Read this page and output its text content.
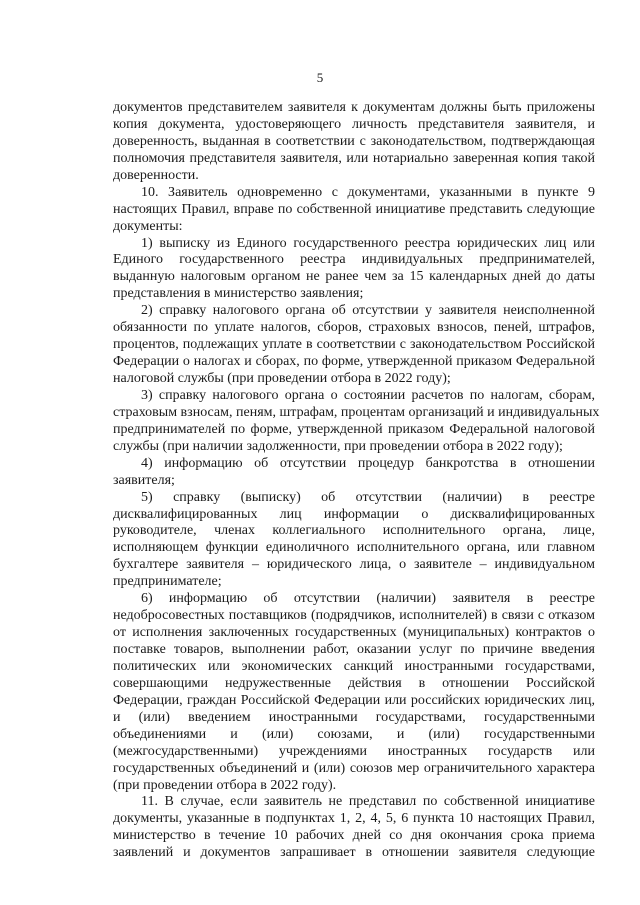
5
документов представителем заявителя к документам должны быть приложены
копия документа, удостоверяющего личность представителя заявителя, и
доверенность, выданная в соответствии с законодательством, подтверждающая
полномочия представителя заявителя, или нотариально заверенная копия такой
доверенности.
10. Заявитель одновременно с документами, указанными в пункте 9
настоящих Правил, вправе по собственной инициативе представить следующие
документы:
1) выписку из Единого государственного реестра юридических лиц или
Единого государственного реестра индивидуальных предпринимателей,
выданную налоговым органом не ранее чем за 15 календарных дней до даты
представления в министерство заявления;
2) справку налогового органа об отсутствии у заявителя неисполненной
обязанности по уплате налогов, сборов, страховых взносов, пеней, штрафов,
процентов, подлежащих уплате в соответствии с законодательством Российской
Федерации о налогах и сборах, по форме, утвержденной приказом Федеральной
налоговой службы (при проведении отбора в 2022 году);
3) справку налогового органа о состоянии расчетов по налогам, сборам,
страховым взносам, пеням, штрафам, процентам организаций и индивидуальных
предпринимателей по форме, утвержденной приказом Федеральной налоговой
службы (при наличии задолженности, при проведении отбора в 2022 году);
4) информацию об отсутствии процедур банкротства в отношении
заявителя;
5) справку (выписку) об отсутствии (наличии) в реестре
дисквалифицированных лиц информации о дисквалифицированных
руководителе, членах коллегиального исполнительного органа, лице,
исполняющем функции единоличного исполнительного органа, или главном
бухгалтере заявителя – юридического лица, о заявителе – индивидуальном
предпринимателе;
6) информацию об отсутствии (наличии) заявителя в реестре
недобросовестных поставщиков (подрядчиков, исполнителей) в связи с отказом
от исполнения заключенных государственных (муниципальных) контрактов о
поставке товаров, выполнении работ, оказании услуг по причине введения
политических или экономических санкций иностранными государствами,
совершающими недружественные действия в отношении Российской
Федерации, граждан Российской Федерации или российских юридических лиц,
и (или) введением иностранными государствами, государственными
объединениями и (или) союзами, и (или) государственными
(межгосударственными) учреждениями иностранных государств или
государственных объединений и (или) союзов мер ограничительного характера
(при проведении отбора в 2022 году).
11. В случае, если заявитель не представил по собственной инициативе
документы, указанные в подпунктах 1, 2, 4, 5, 6 пункта 10 настоящих Правил,
министерство в течение 10 рабочих дней со дня окончания срока приема
заявлений и документов запрашивает в отношении заявителя следующие
